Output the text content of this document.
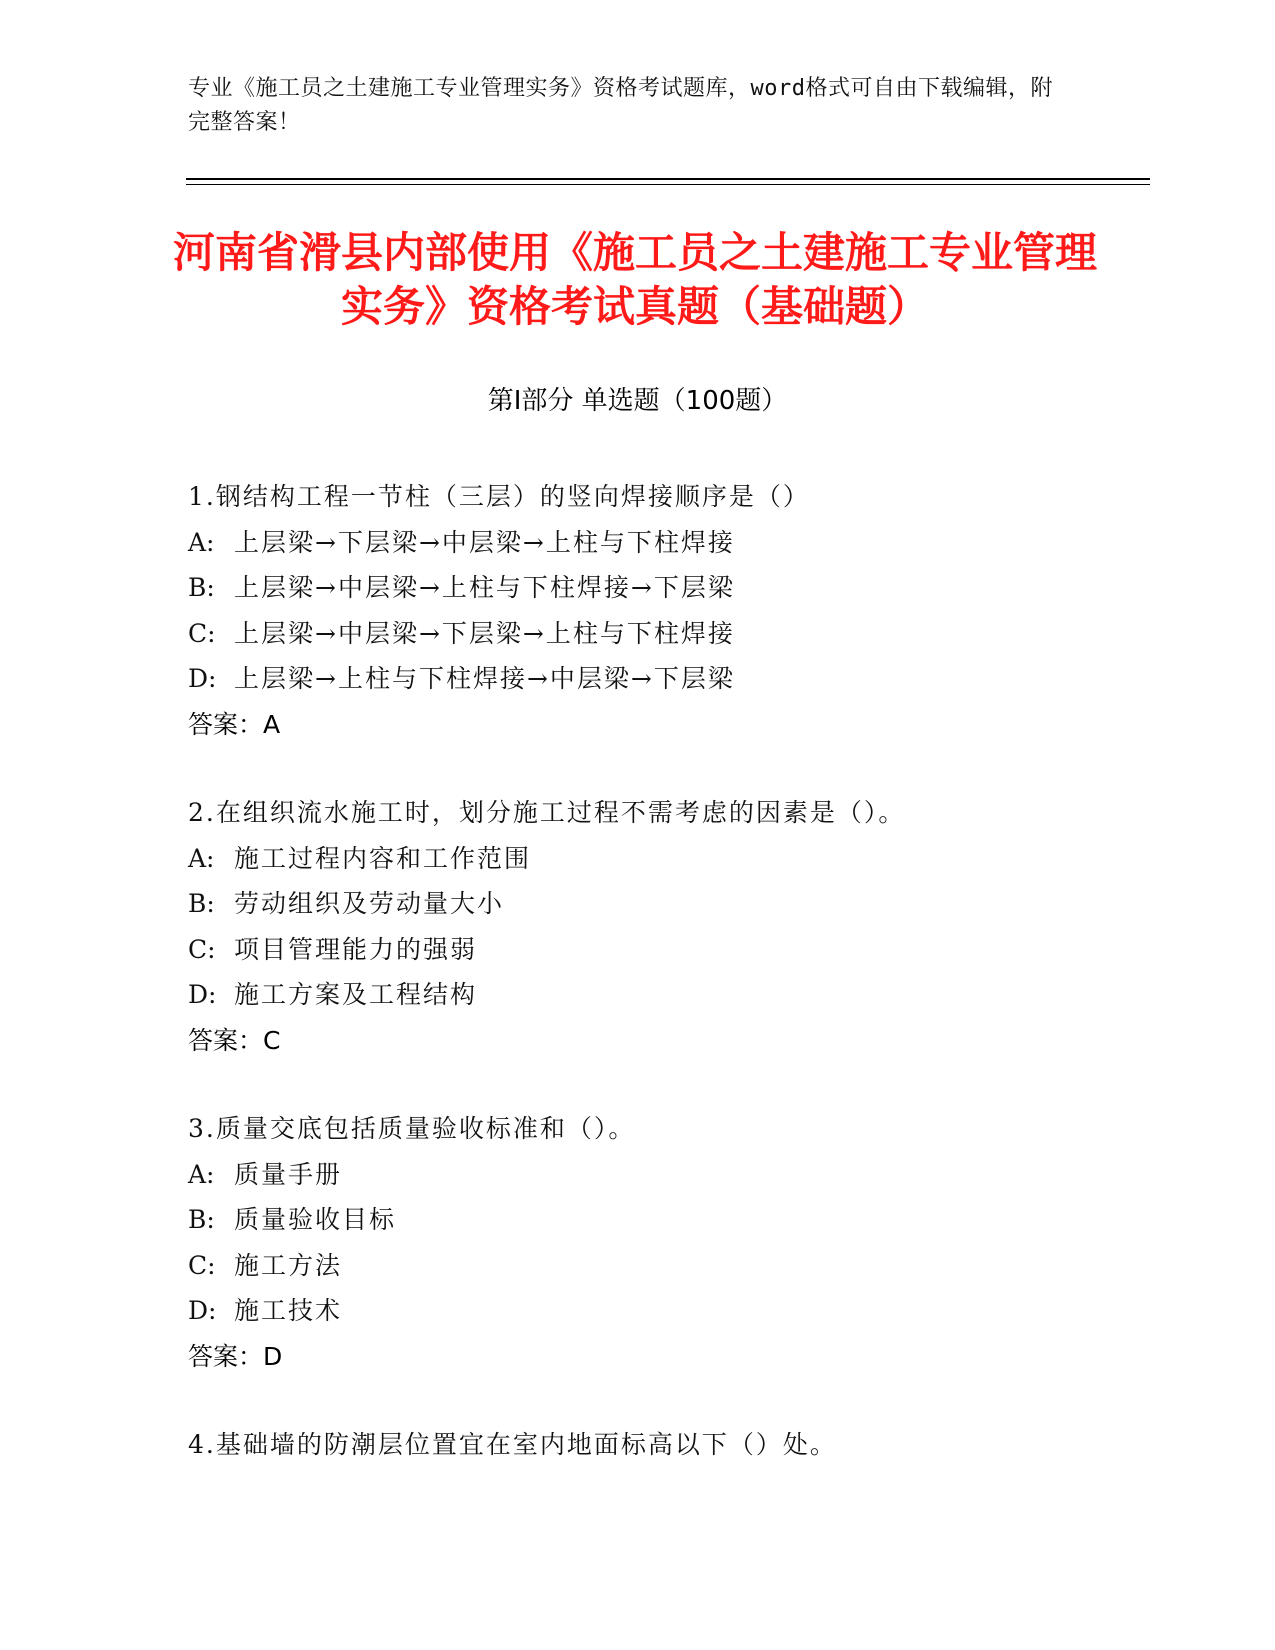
专业《施工员之土建施工专业管理实务》资格考试题库，word格式可自由下载编辑，附完整答案！

河南省滑县内部使用《施工员之土建施工专业管理实务》资格考试真题（基础题）
第Ⅰ部分 单选题（100题）
1.钢结构工程一节柱（三层）的竖向焊接顺序是（）
A: 上层梁→下层梁→中层梁→上柱与下柱焊接
B: 上层梁→中层梁→上柱与下柱焊接→下层梁
C: 上层梁→中层梁→下层梁→上柱与下柱焊接
D: 上层梁→上柱与下柱焊接→中层梁→下层梁
答案：A
2.在组织流水施工时，划分施工过程不需考虑的因素是（）。
A: 施工过程内容和工作范围
B: 劳动组织及劳动量大小
C: 项目管理能力的强弱
D: 施工方案及工程结构
答案：C
3.质量交底包括质量验收标准和（）。
A: 质量手册
B: 质量验收目标
C: 施工方法
D: 施工技术
答案：D
4.基础墙的防潮层位置宜在室内地面标高以下（）处。
